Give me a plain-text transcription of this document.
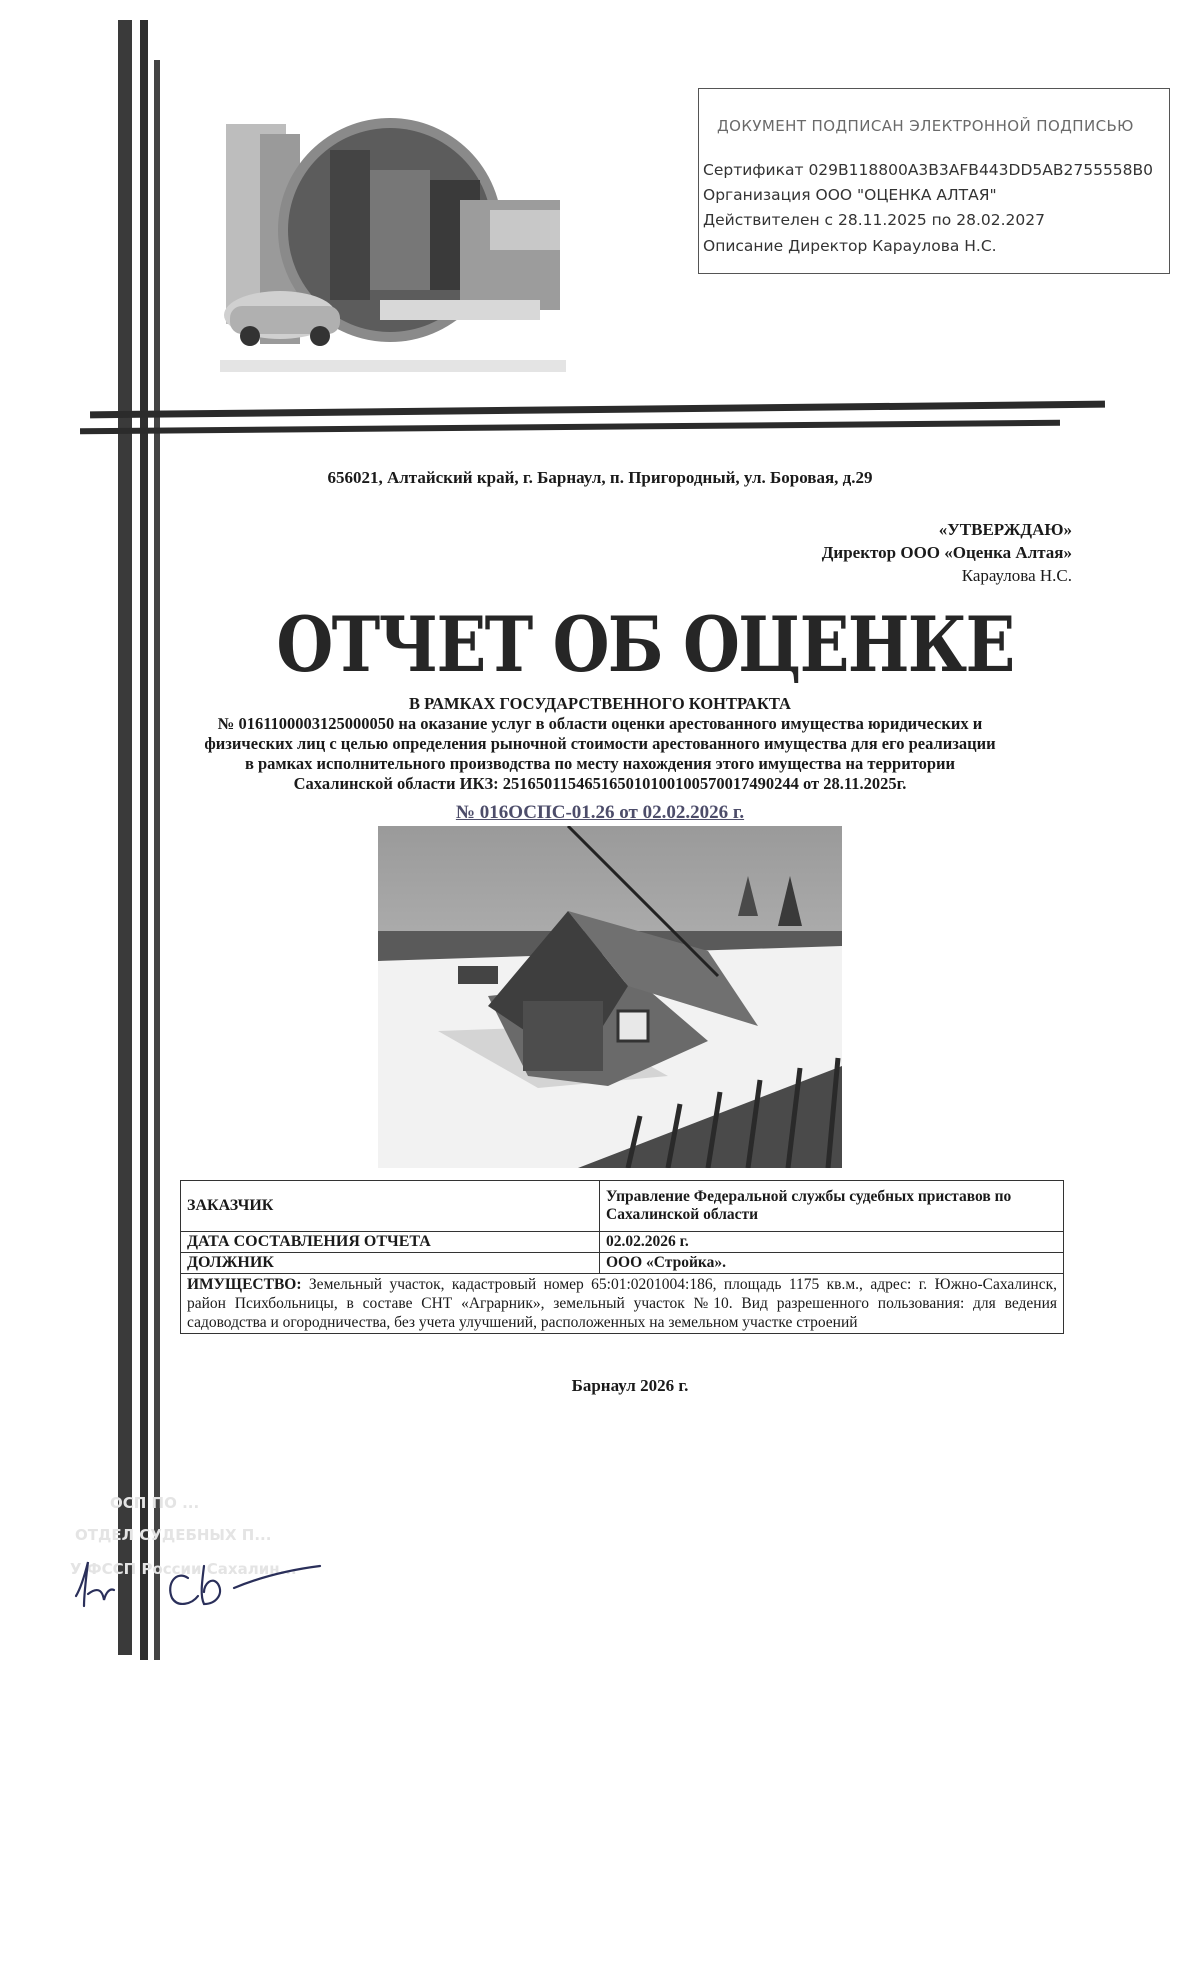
ДОКУМЕНТ ПОДПИСАН ЭЛЕКТРОННОЙ ПОДПИСЬЮ
Сертификат 029B118800A3B3AFB443DD5AB2755558B0
Организация ООО "ОЦЕНКА АЛТАЯ"
Действителен с 28.11.2025 по 28.02.2027
Описание Директор Караулова Н.С.
656021, Алтайский край, г. Барнаул, п. Пригородный, ул. Боровая, д.29
«УТВЕРЖДАЮ»
Директор ООО «Оценка Алтая»
Караулова Н.С.
ОТЧЕТ ОБ ОЦЕНКЕ
В РАМКАХ ГОСУДАРСТВЕННОГО КОНТРАКТА
№ 0161100003125000050 на оказание услуг в области оценки арестованного имущества юридических и
физических лиц с целью определения рыночной стоимости арестованного имущества для его реализации
в рамках исполнительного производства по месту нахождения этого имущества на территории
Сахалинской области ИКЗ: 251650115465165010100100570017490244 от 28.11.2025г.
№ 016ОСПС-01.26 от 02.02.2026 г.
ЗАКАЗЧИК	Управление Федеральной службы судебных приставов по Сахалинской области
ДАТА СОСТАВЛЕНИЯ ОТЧЕТА	02.02.2026 г.
ДОЛЖНИК	ООО «Стройка».
ИМУЩЕСТВО: Земельный участок, кадастровый номер 65:01:0201004:186, площадь 1175 кв.м., адрес: г. Южно-Сахалинск, район Психбольницы, в составе СНТ «Аграрник», земельный участок №10. Вид разрешенного пользования: для ведения садоводства и огородничества, без учета улучшений, расположенных на земельном участке строений	
Барнаул 2026 г.
ОСП ПО ...
ОТДЕЛ СУДЕБНЫХ П...
У ФССП России Сахалин...
